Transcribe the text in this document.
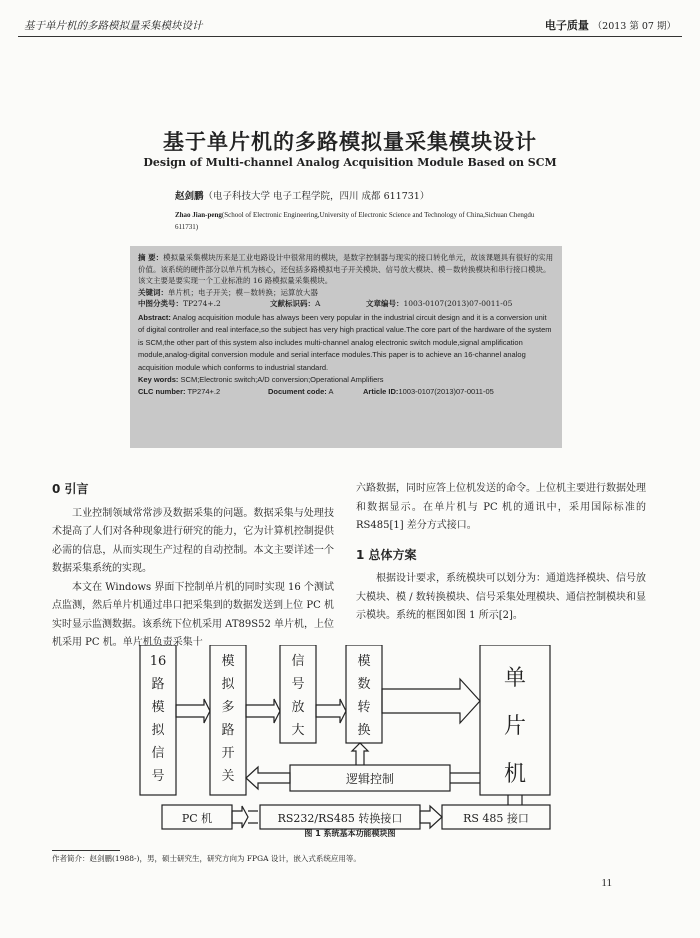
基于单片机的多路模拟量采集模块设计	电子质量 （2013 第 07 期）
基于单片机的多路模拟量采集模块设计
Design of Multi-channel Analog Acquisition Module Based on SCM
赵剑鹏（电子科技大学 电子工程学院，四川 成都 611731）
Zhao Jian-peng(School of Electronic Engineering,University of Electronic Science and Technology of China,Sichuan Chengdu 611731)
摘 要：模拟量采集模块历来是工业电路设计中很常用的模块，是数字控制器与现实的接口转化单元，故该课题具有很好的实用价值。该系统的硬件部分以单片机为核心，还包括多路模拟电子开关模块、信号放大模块、模－数转换模块和串行接口模块。该文主要是要实现一个工业标准的 16 路模拟量采集模块。
关键词：单片机；电子开关；模－数转换；运算放大器
中图分类号：TP274+.2	文献标识码：A	文章编号：1003-0107(2013)07-0011-05
Abstract: Analog acquisition module has always been very popular in the industrial circuit design and it is a conversion unit of digital controller and real interface,so the subject has very high practical value.The core part of the hardware of the system is SCM,the other part of this system also includes multi-channel analog electronic switch module,signal amplification module,analog-digital conversion module and serial interface modules.This paper is to achieve an 16-channel analog acquisition module which conforms to industrial standard.
Key words: SCM;Electronic switch;A/D conversion;Operational Amplifiers
CLC number: TP274+.2	Document code: A	Article ID:1003-0107(2013)07-0011-05
0 引言

工业控制领域常常涉及数据采集的问题。数据采集与处理技术提高了人们对各种现象进行研究的能力，它为计算机控制提供必需的信息，从而实现生产过程的自动控制。本文主要详述一个数据采集系统的实现。

本文在 Windows 界面下控制单片机的同时实现 16 个测试点监测，然后单片机通过串口把采集到的数据发送到上位 PC 机实时显示监测数据。该系统下位机采用 AT89S52 单片机，上位机采用 PC 机。单片机负责采集十

六路数据，同时应答上位机发送的命令。上位机主要进行数据处理和数据显示。在单片机与 PC 机的通讯中，采用国际标准的 RS485[1] 差分方式接口。

1 总体方案

根据设计要求，系统模块可以划分为：通道选择模块、信号放大模块、模 / 数转换模块、信号采集处理模块、通信控制模块和显示模块。系统的框图如图 1 所示[2]。

16
路
模
拟
信
号
模
拟
多
路
开
关
信
号
放
大
模
数
转
换
单
片
机
逻辑控制
PC 机	RS232/RS485 转换接口	RS 485 接口
图 1 系统基本功能模块图
作者简介：赵剑鹏(1988-)，男，硕士研究生，研究方向为 FPGA 设计，嵌入式系统应用等。
11
